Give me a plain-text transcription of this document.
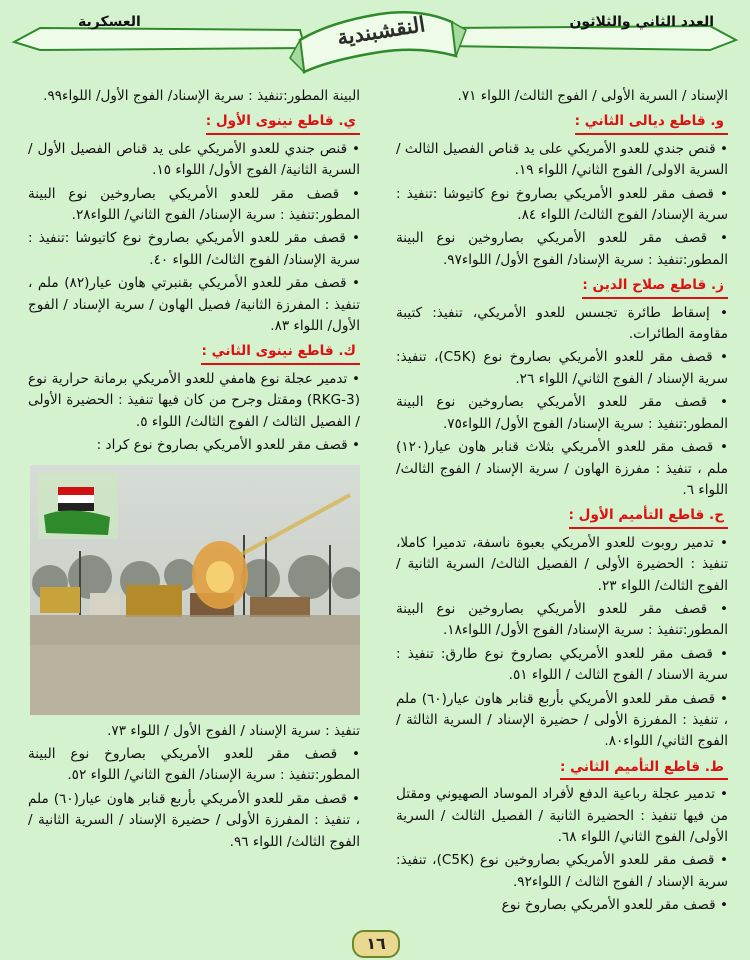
العسكرية	العدد الثاني والثلاثون
النقشبندية

الإسناد / السرية الأولى / الفوج الثالث/ اللواء ٧١.

و. قاطع ديالى الثاني :

• قنص جندي للعدو الأمريكي على يد قناص الفصيل الثالث / السرية الاولى/ الفوج الثاني/ اللواء ١٩.

• قصف مقر للعدو الأمريكي بصاروخ نوع كاتيوشا :تنفيذ : سرية الإسناد/ الفوج الثالث/ اللواء ٨٤.

• قصف مقر للعدو الأمريكي بصاروخين نوع البينة المطور:تنفيذ : سرية الإسناد/ الفوج الأول/ اللواء٩٧.

ز. قاطع صلاح الدين :

• إسقاط طائرة تجسس للعدو الأمريكي، تنفيذ: كتيبة مقاومة الطائرات.

• قصف مقر للعدو الأمريكي بصاروخ نوع (C5K)، تنفيذ: سرية الإسناد / الفوج الثاني/ اللواء ٢٦.

• قصف مقر للعدو الأمريكي بصاروخين نوع البينة المطور:تنفيذ : سرية الإسناد/ الفوج الأول/ اللواء٧٥.

• قصف مقر للعدو الأمريكي بثلاث قنابر هاون عيار(١٢٠) ملم ، تنفيذ : مفرزة الهاون / سرية الإسناد / الفوج الثالث/ اللواء ٦.

ح. قاطع التأميم الأول :

• تدمير روبوت للعدو الأمريكي بعبوة ناسفة، تدميرا كاملا، تنفيذ : الحضيرة الأولى / الفصيل الثالث/ السرية الثانية / الفوج الثالث/ اللواء ٢٣.

• قصف مقر للعدو الأمريكي بصاروخين نوع البينة المطور:تنفيذ : سرية الإسناد/ الفوج الأول/ اللواء١٨.

• قصف مقر للعدو الأمريكي بصاروخ نوع طارق: تنفيذ : سرية الاسناد / الفوج الثالث / اللواء ٥١.

• قصف مقر للعدو الأمريكي بأربع قنابر هاون عيار(٦٠) ملم ، تنفيذ : المفرزة الأولى / حضيرة الإسناد / السرية الثالثة / الفوج الثاني/ اللواء٨٠.

ط. قاطع التأميم الثاني :

• تدمير عجلة رباعية الدفع لأفراد الموساد الصهيوني ومقتل من فيها تنفيذ : الحضيرة الثانية / الفصيل الثالث / السرية الأولى/ الفوج الثاني/ اللواء ٦٨.

• قصف مقر للعدو الأمريكي بصاروخين نوع (C5K)، تنفيذ: سرية الإسناد / الفوج الثالث / اللواء٩٢.

• قصف مقر للعدو الأمريكي بصاروخ نوع

البينة المطور:تنفيذ : سرية الإسناد/ الفوج الأول/ اللواء٩٩.

ي. قاطع نينوى الأول :

• قنص جندي للعدو الأمريكي على يد قناص الفصيل الأول / السرية الثانية/ الفوج الأول/ اللواء ١٥.

• قصف مقر للعدو الأمريكي بصاروخين نوع البينة المطور:تنفيذ : سرية الإسناد/ الفوج الثاني/ اللواء٢٨.

• قصف مقر للعدو الأمريكي بصاروخ نوع كاتيوشا :تنفيذ : سرية الإسناد/ الفوج الثالث/ اللواء ٤٠.

• قصف مقر للعدو الأمريكي بقنبرتي هاون عيار(٨٢) ملم ، تنفيذ : المفرزة الثانية/ فصيل الهاون / سرية الإسناد / الفوج الأول/ اللواء ٨٣.

ك. قاطع نينوى الثاني :

• تدمير عجلة نوع هامفي للعدو الأمريكي برمانة حرارية نوع (RKG-3) ومقتل وجرح من كان فيها تنفيذ : الحضيرة الأولى / الفصيل الثالث / الفوج الثالث/ اللواء ٥.

• قصف مقر للعدو الأمريكي بصاروخ نوع كراد :

تنفيذ : سرية الإسناد / الفوج الأول / اللواء ٧٣.

• قصف مقر للعدو الأمريكي بصاروخ نوع البينة المطور:تنفيذ : سرية الإسناد/ الفوج الثاني/ اللواء ٥٢.

• قصف مقر للعدو الأمريكي بأربع قنابر هاون عيار(٦٠) ملم ، تنفيذ : المفرزة الأولى / حضيرة الإسناد / السرية الثانية / الفوج الثالث/ اللواء ٩٦.

١٦
